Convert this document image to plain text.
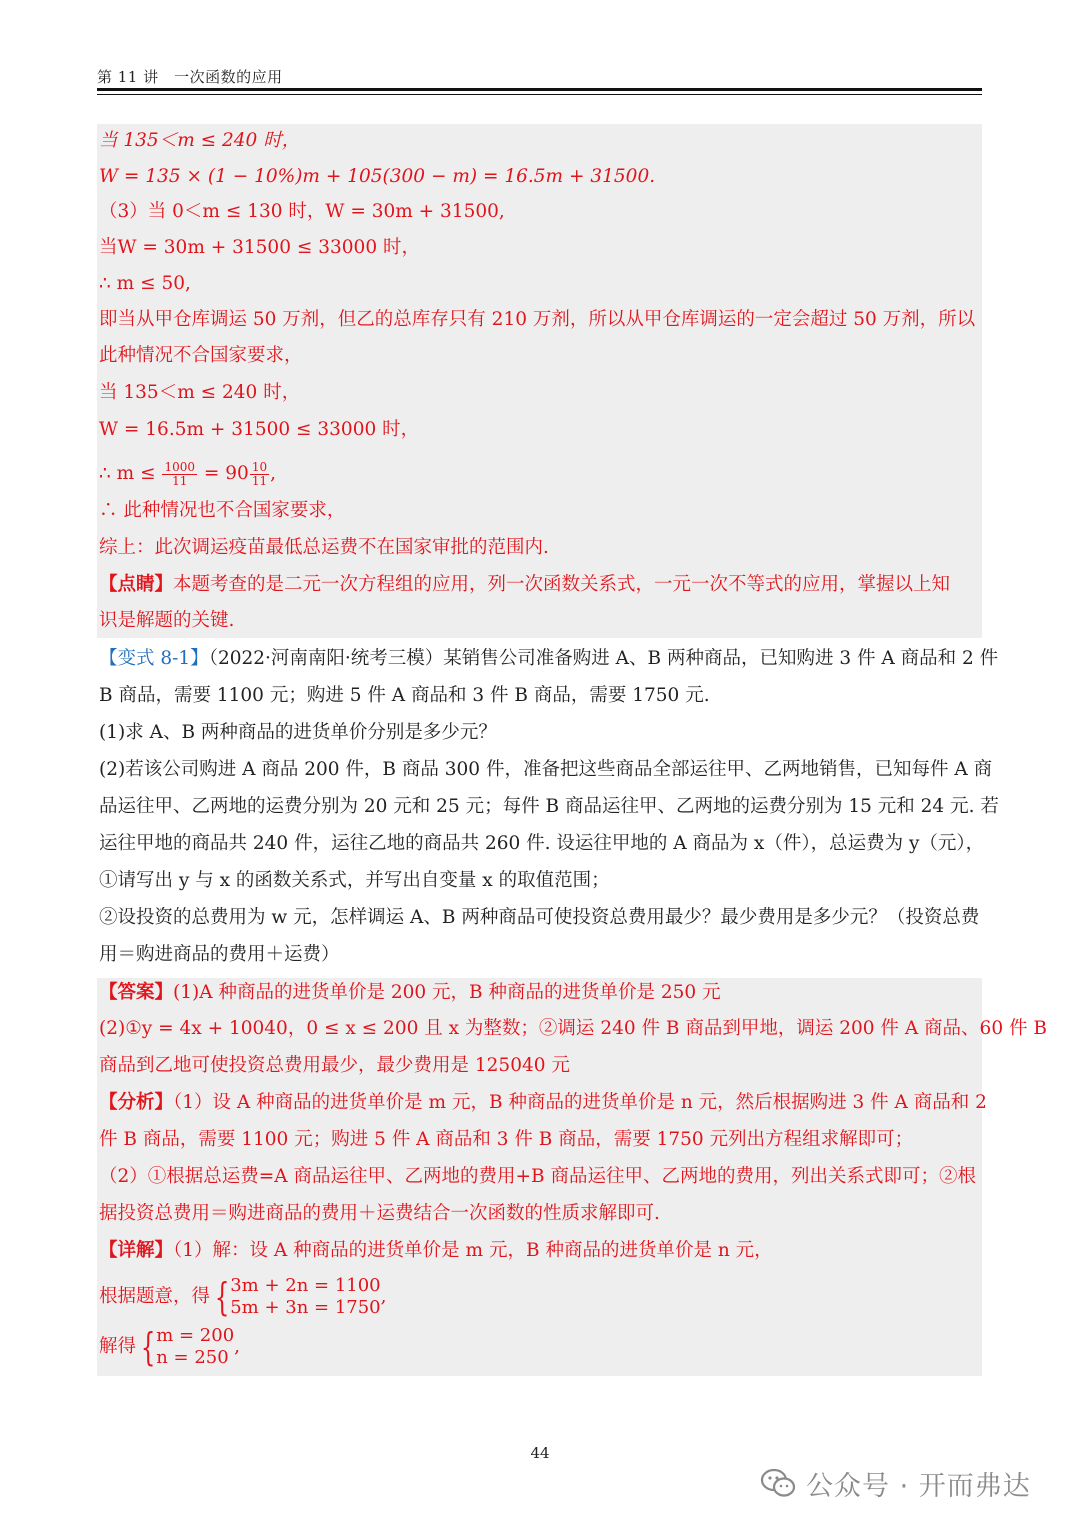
第 11 讲　一次函数的应用
当 135＜m ≤ 240 时，
W = 135 × (1 − 10%)m + 105(300 − m) = 16.5m + 31500.
（3）当 0＜m ≤ 130 时，W = 30m + 31500,
当W = 30m + 31500 ≤ 33000 时，
∴ m ≤ 50,
即当从甲仓库调运 50 万剂，但乙的总库存只有 210 万剂，所以从甲仓库调运的一定会超过 50 万剂，所以
此种情况不合国家要求，
当 135＜m ≤ 240 时，
W = 16.5m + 31500 ≤ 33000 时，
∴ $m \le \frac{1000}{11} = 90 \frac{10}{11}$ ,
∴ 此种情况也不合国家要求，
综上：此次调运疫苗最低总运费不在国家审批的范围内.
【点睛】本题考查的是二元一次方程组的应用，列一次函数关系式，一元一次不等式的应用，掌握以上知
识是解题的关键.
【变式 8-1】（2022·河南南阳·统考三模）某销售公司准备购进 A、B 两种商品，已知购进 3 件 A 商品和 2 件
B 商品，需要 1100 元；购进 5 件 A 商品和 3 件 B 商品，需要 1750 元.
(1)求 A、B 两种商品的进货单价分别是多少元？
(2)若该公司购进 A 商品 200 件，B 商品 300 件，准备把这些商品全部运往甲、乙两地销售，已知每件 A 商
品运往甲、乙两地的运费分别为 20 元和 25 元；每件 B 商品运往甲、乙两地的运费分别为 15 元和 24 元. 若
运往甲地的商品共 240 件，运往乙地的商品共 260 件. 设运往甲地的 A 商品为 x（件），总运费为 y（元），
①请写出 y 与 x 的函数关系式，并写出自变量 x 的取值范围；
②设投资的总费用为 w 元，怎样调运 A、B 两种商品可使投资总费用最少？最少费用是多少元？（投资总费
用＝购进商品的费用＋运费）
【答案】(1)A 种商品的进货单价是 200 元，B 种商品的进货单价是 250 元
(2)①y = 4x + 10040，0 ≤ x ≤ 200 且 x 为整数；②调运 240 件 B 商品到甲地，调运 200 件 A 商品、60 件 B
商品到乙地可使投资总费用最少，最少费用是 125040 元
【分析】（1）设 A 种商品的进货单价是 m 元，B 种商品的进货单价是 n 元，然后根据购进 3 件 A 商品和 2
件 B 商品，需要 1100 元；购进 5 件 A 商品和 3 件 B 商品，需要 1750 元列出方程组求解即可；
（2）①根据总运费=A 商品运往甲、乙两地的费用+B 商品运往甲、乙两地的费用，列出关系式即可；②根
据投资总费用＝购进商品的费用＋运费结合一次函数的性质求解即可.
【详解】（1）解：设 A 种商品的进货单价是 m 元，B 种商品的进货单价是 n 元，
根据题意，得 { 3m + 2n = 1100
5m + 3n = 1750
,
解得 { m = 200
n = 250
,
44
公众号 · 开而弗达
